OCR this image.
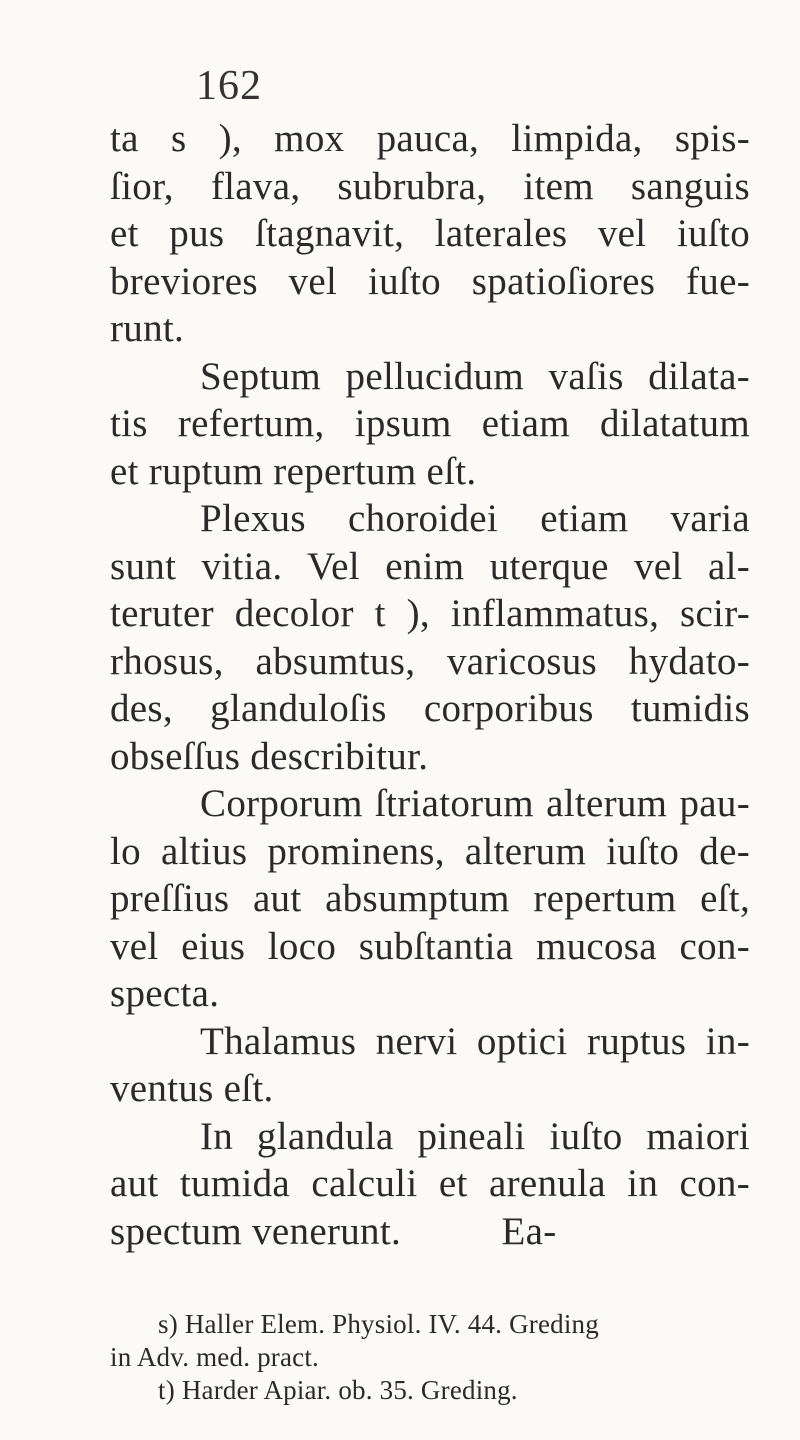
162
ta s ), mox pauca, limpida, spis-
ſior, flava, subrubra, item sanguis
et pus ſtagnavit, laterales vel iuſto
breviores vel iuſto spatioſiores fue-
runt.
Septum pellucidum vaſis dilata-
tis refertum, ipsum etiam dilatatum
et ruptum repertum eſt.
Plexus choroidei etiam varia
sunt vitia. Vel enim uterque vel al-
teruter decolor t ), inflammatus, scir-
rhosus, absumtus, varicosus hydato-
des, glanduloſis corporibus tumidis
obseſſus describitur.
Corporum ſtriatorum alterum pau-
lo altius prominens, alterum iuſto de-
preſſius aut absumptum repertum eſt,
vel eius loco subſtantia mucosa con-
specta.
Thalamus nervi optici ruptus in-
ventus eſt.
In glandula pineali iuſto maiori
aut tumida calculi et arenula in con-
spectum venerunt.          Ea-
s) Haller Elem. Physiol. IV. 44. Greding
in Adv. med. pract.
t) Harder Apiar. ob. 35. Greding.
